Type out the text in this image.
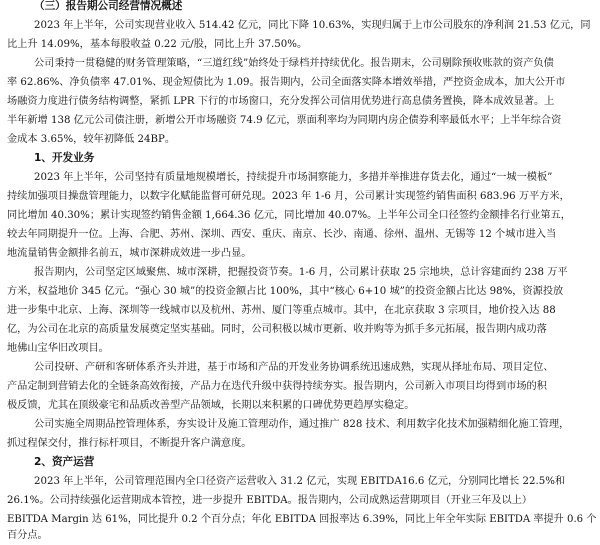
（三）报告期公司经营情况概述

2023 年上半年，公司实现营业收入 514.42 亿元，同比下降 10.63%，实现归属于上市公司股东的净利润 21.53 亿元，同

比上升 14.09%，基本每股收益 0.22 元/股，同比上升 37.50%。

公司秉持一贯稳健的财务管理策略，“三道红线”始终处于绿档并持续优化。报告期末，公司剔除预收账款的资产负债

率 62.86%、净负债率 47.01%、现金短债比为 1.09。报告期内，公司全面落实降本增效举措，严控资金成本，加大公开市

场融资力度进行债务结构调整，紧抓 LPR 下行的市场窗口，充分发挥公司信用优势进行高息债务置换，降本成效显著。上

半年新增 138 亿元公司债注册，新增公开市场融资 74.9 亿元，票面利率均为同期内房企债券利率最低水平；上半年综合资

金成本 3.65%，较年初降低 24BP。

1、开发业务

2023 年上半年，公司坚持有质量地规模增长，持续提升市场洞察能力，多措并举推进存货去化，通过“一城一模板”

持续加强项目操盘管理能力，以数字化赋能监督可研兑现。2023 年 1-6 月，公司累计实现签约销售面积 683.96 万平方米，

同比增加 40.30%；累计实现签约销售金额 1,664.36 亿元，同比增加 40.07%。上半年公司全口径签约金额排名行业第五，

较去年同期提升一位。上海、合肥、苏州、深圳、西安、重庆、南京、长沙、南通、徐州、温州、无锡等 12 个城市进入当

地流量销售金额排名前五，城市深耕成效进一步凸显。

报告期内，公司坚定区域聚焦、城市深耕，把握投资节奏。1-6 月，公司累计获取 25 宗地块，总计容建面约 238 万平

方米，权益地价 345 亿元。“强心 30 城”的投资金额占比 100%，其中“核心 6+10 城”的投资金额占比达 98%，资源投放

进一步集中北京、上海、深圳等一线城市以及杭州、苏州、厦门等重点城市。其中，在北京获取 3 宗项目，地价投入达 88

亿，为公司在北京的高质量发展奠定坚实基础。同时，公司积极以城市更新、收并购等为抓手多元拓展，报告期内成功落

地佛山宝华旧改项目。

公司投研、产研和客研体系齐头并进，基于市场和产品的开发业务协调系统迅速成熟，实现从择址布局、项目定位、

产品定制到营销去化的全链条高效衔接，产品力在迭代升级中获得持续夯实。报告期内，公司新入市项目均得到市场的积

极反馈，尤其在顶级豪宅和品质改善型产品领域，长期以来积累的口碑优势更趋厚实稳定。

公司实施全周期品控管理体系，夯实设计及施工管理动作，通过推广 828 技术、利用数字化技术加强精细化施工管理，

抓过程保交付，推行标杆项目，不断提升客户满意度。

2、资产运营

2023 年上半年，公司管理范围内全口径资产运营收入 31.2 亿元，实现 EBITDA16.6 亿元，分别同比增长 22.5%和

26.1%。公司持续强化运营期成本管控，进一步提升 EBITDA。报告期内，公司成熟运营期项目（开业三年及以上）

EBITDA Margin 达 61%，同比提升 0.2 个百分点；年化 EBITDA 回报率达 6.39%，同比上年全年实际 EBITDA 率提升 0.6 个

百分点。
